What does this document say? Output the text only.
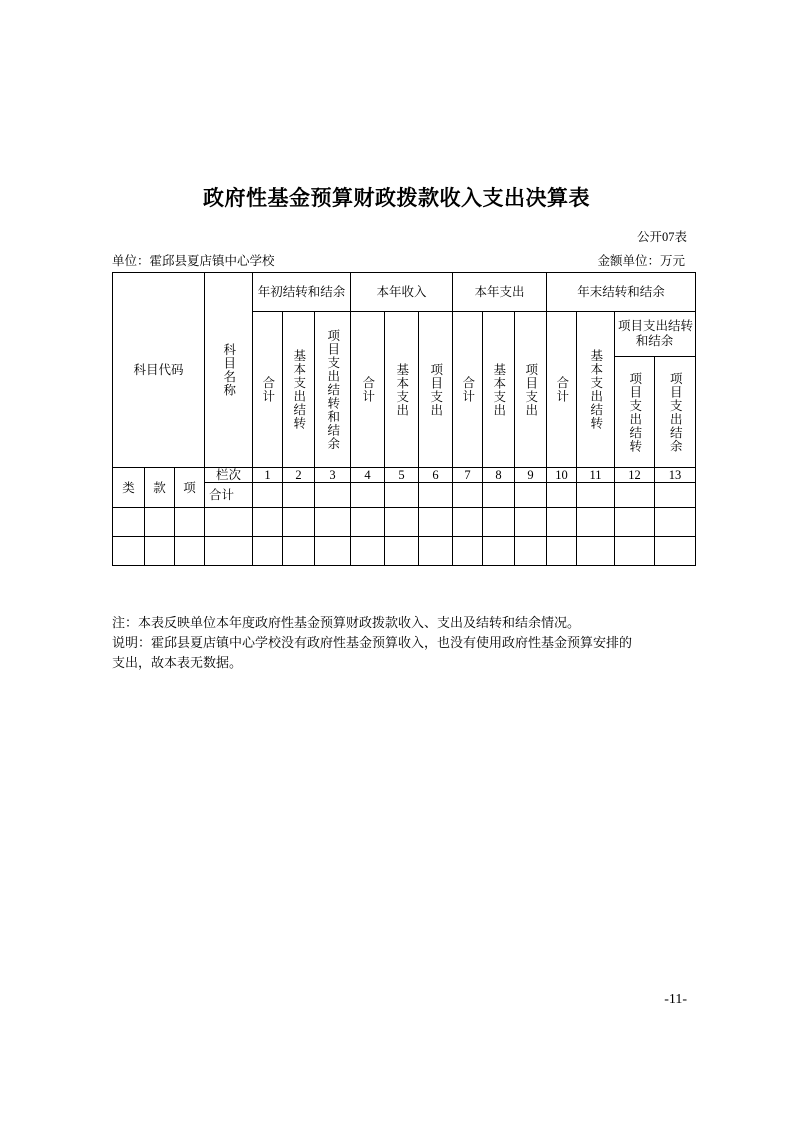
政府性基金预算财政拨款收入支出决算表
公开07表
单位：霍邱县夏店镇中心学校	金额单位：万元
科目代码			科目名称	年初结转和结余			本年收入			本年支出			年末结转和结余			

				合计	基本支出结转	项目支出结转和结余	合计	基本支出	项目支出	合计	基本支出	项目支出	合计	基本支出结转	项目支出结转和结余	

															项目支出结转	项目支出结余

类	款	项	栏次	1	2	3	4	5	6	7	8	9	10	11	12	13
			合计													

注：本表反映单位本年度政府性基金预算财政拨款收入、支出及结转和结余情况。

说明：霍邱县夏店镇中心学校没有政府性基金预算收入，也没有使用政府性基金预算安排的

支出，故本表无数据。

-11-
